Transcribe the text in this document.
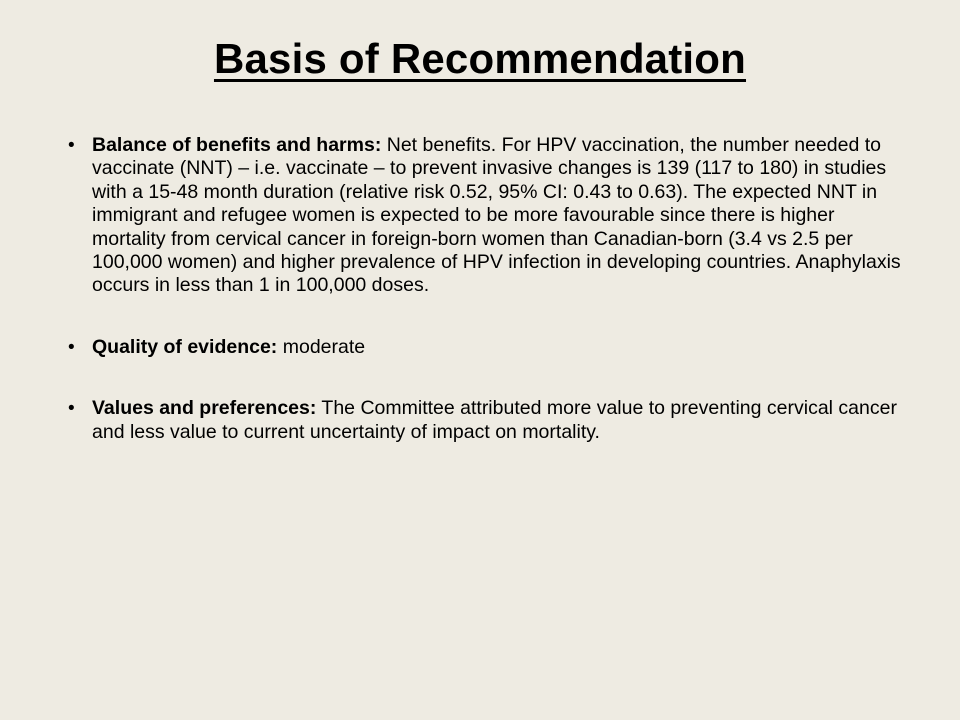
Basis of Recommendation
• Balance of benefits and harms: Net benefits. For HPV vaccination, the number needed to vaccinate (NNT) – i.e. vaccinate – to prevent invasive changes is 139 (117 to 180) in studies with a 15-48 month duration (relative risk 0.52, 95% CI: 0.43 to 0.63). The expected NNT in immigrant and refugee women is expected to be more favourable since there is higher mortality from cervical cancer in foreign-born women than Canadian-born (3.4 vs 2.5 per 100,000 women) and higher prevalence of HPV infection in developing countries. Anaphylaxis occurs in less than 1 in 100,000 doses.
• Quality of evidence: moderate
• Values and preferences: The Committee attributed more value to preventing cervical cancer and less value to current uncertainty of impact on mortality.
